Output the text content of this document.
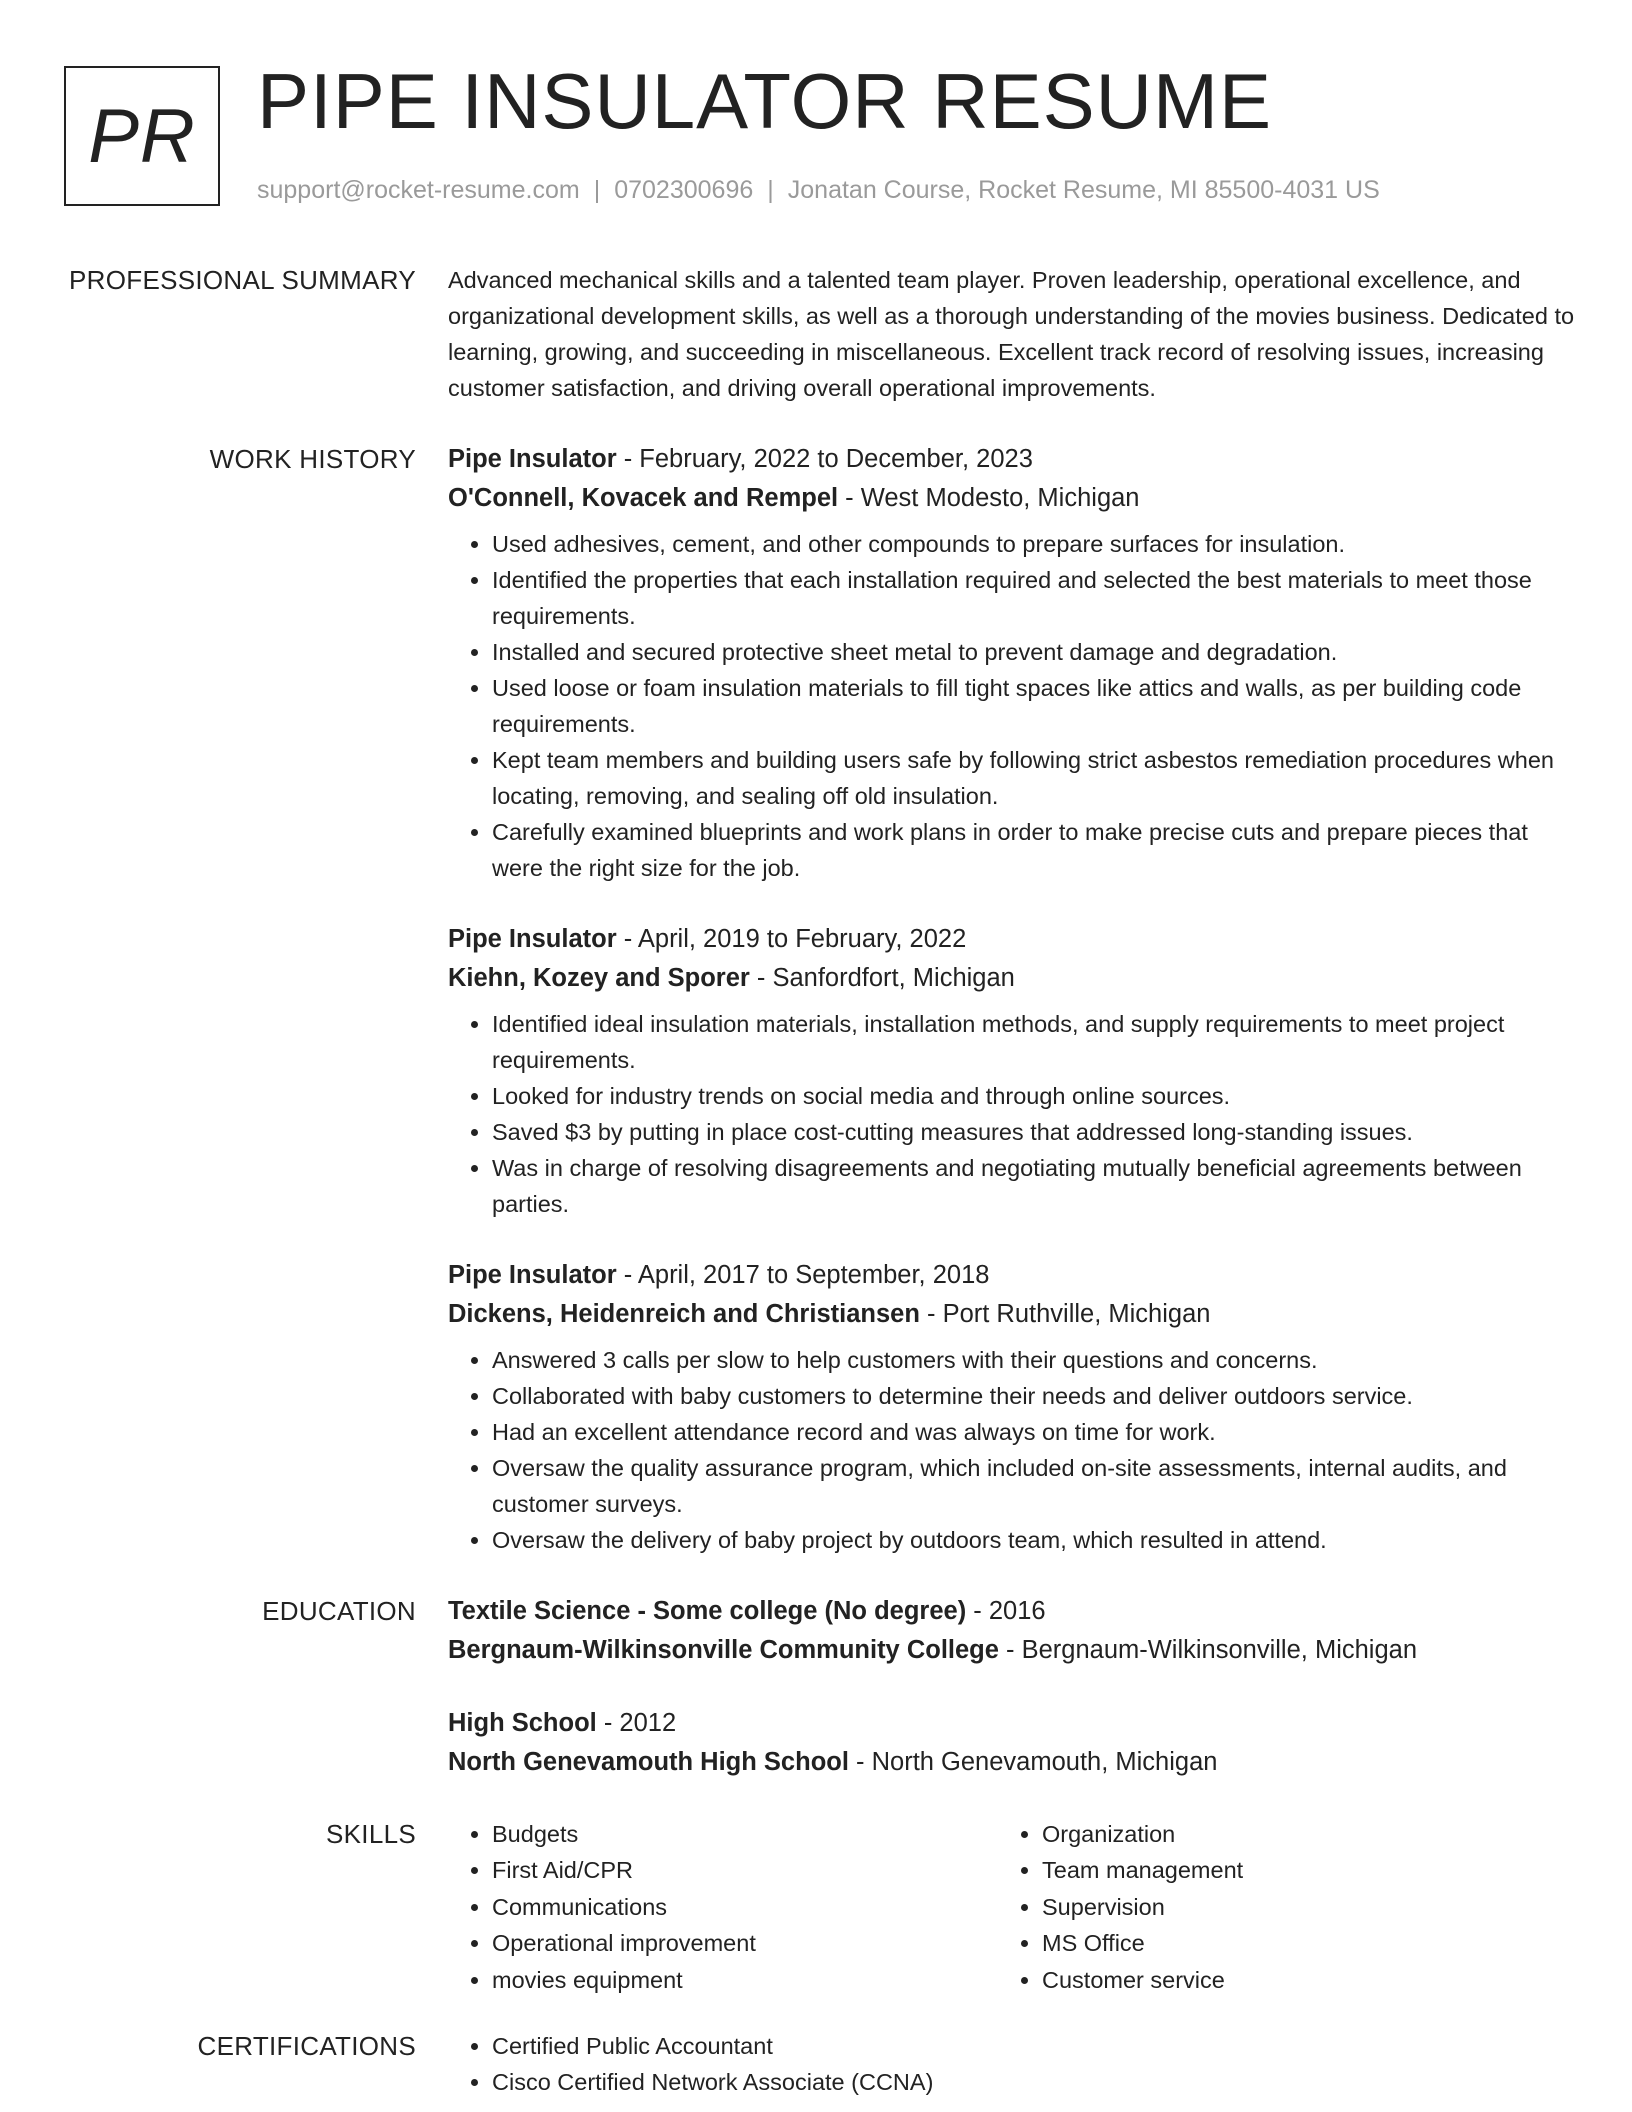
PR PIPE INSULATOR RESUME
support@rocket-resume.com | 0702300696 | Jonatan Course, Rocket Resume, MI 85500-4031 US
PROFESSIONAL SUMMARY Advanced mechanical skills and a talented team player. Proven leadership, operational excellence, and organizational development skills, as well as a thorough understanding of the movies business. Dedicated to learning, growing, and succeeding in miscellaneous. Excellent track record of resolving issues, increasing customer satisfaction, and driving overall operational improvements.

WORK HISTORY Pipe Insulator - February, 2022 to December, 2023
O'Connell, Kovacek and Rempel - West Modesto, Michigan
• Used adhesives, cement, and other compounds to prepare surfaces for insulation.
• Identified the properties that each installation required and selected the best materials to meet those requirements.
• Installed and secured protective sheet metal to prevent damage and degradation.
• Used loose or foam insulation materials to fill tight spaces like attics and walls, as per building code requirements.
• Kept team members and building users safe by following strict asbestos remediation procedures when locating, removing, and sealing off old insulation.
• Carefully examined blueprints and work plans in order to make precise cuts and prepare pieces that were the right size for the job.
Pipe Insulator - April, 2019 to February, 2022
Kiehn, Kozey and Sporer - Sanfordfort, Michigan
• Identified ideal insulation materials, installation methods, and supply requirements to meet project requirements.
• Looked for industry trends on social media and through online sources.
• Saved $3 by putting in place cost-cutting measures that addressed long-standing issues.
• Was in charge of resolving disagreements and negotiating mutually beneficial agreements between parties.
Pipe Insulator - April, 2017 to September, 2018
Dickens, Heidenreich and Christiansen - Port Ruthville, Michigan
• Answered 3 calls per slow to help customers with their questions and concerns.
• Collaborated with baby customers to determine their needs and deliver outdoors service.
• Had an excellent attendance record and was always on time for work.
• Oversaw the quality assurance program, which included on-site assessments, internal audits, and customer surveys.
• Oversaw the delivery of baby project by outdoors team, which resulted in attend.
EDUCATION Textile Science - Some college (No degree) - 2016
Bergnaum-Wilkinsonville Community College - Bergnaum-Wilkinsonville, Michigan
High School - 2012
North Genevamouth High School - North Genevamouth, Michigan
SKILLS	• Budgets
• First Aid/CPR
• Communications
• Operational improvement
• movies equipment
• Organization
• Team management
• Supervision
• MS Office
• Customer service
CERTIFICATIONS	• Certified Public Accountant
• Cisco Certified Network Associate (CCNA)
